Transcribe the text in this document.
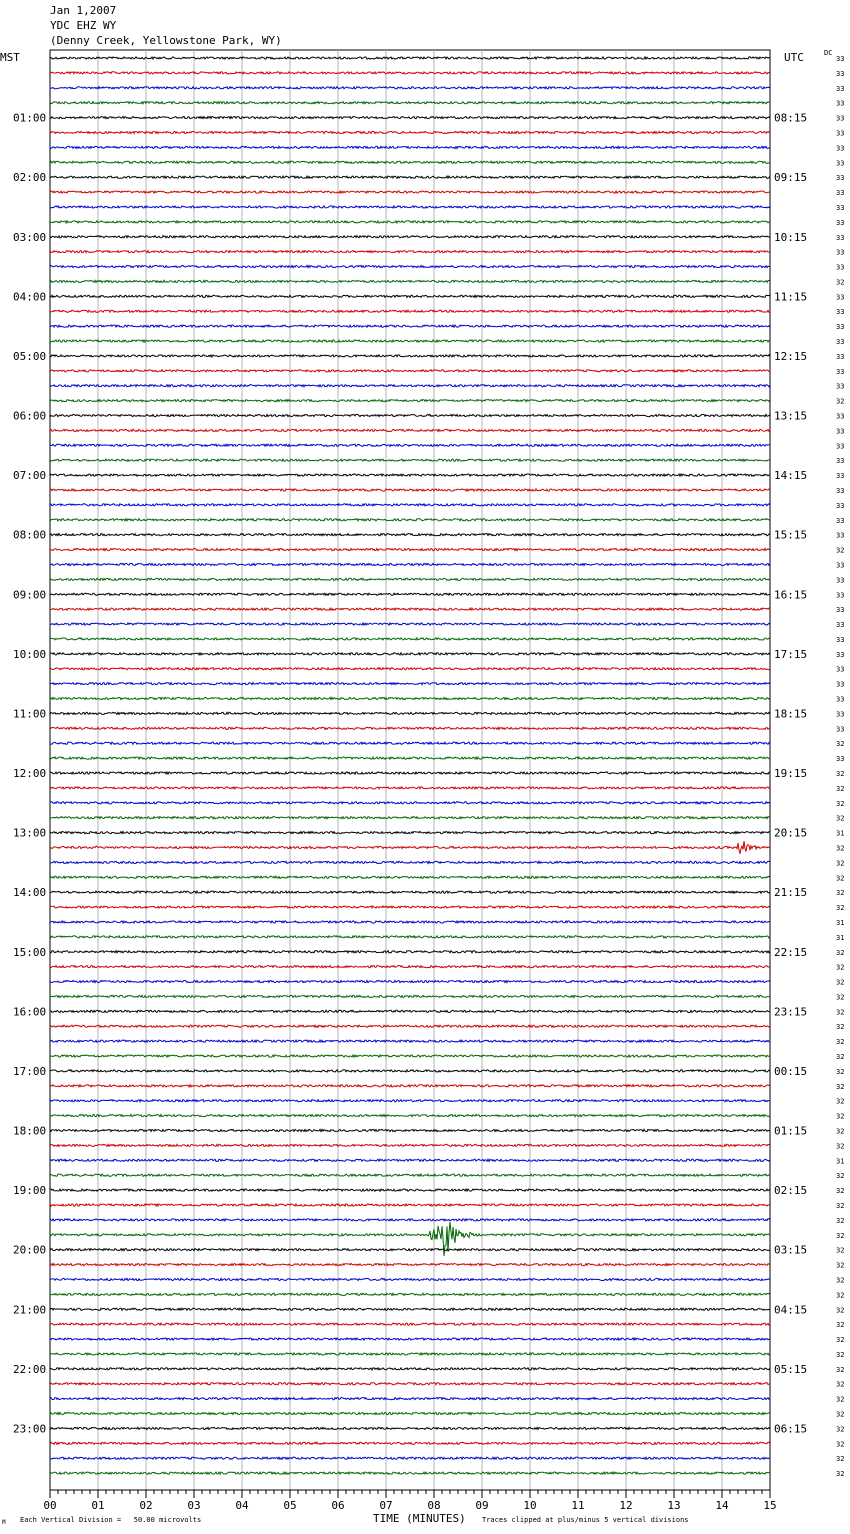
Jan 1,2007
YDC EHZ WY
(Denny Creek, Yellowstone Park, WY)
00	01	02	03	04	05	06	07	08	09	10	11	12	13	14	15
01:00
02:00
03:00
04:00
05:00
06:00
07:00
08:00
09:00
10:00
11:00
12:00
13:00
14:00
15:00
16:00
17:00
18:00
19:00
20:00
21:00
22:00
23:00
08:15
09:15
10:15
11:15
12:15
13:15
14:15
15:15
16:15
17:15
18:15
19:15
20:15
21:15
22:15
23:15
00:15
01:15
02:15
03:15
04:15
05:15
06:15
33
33
33
33
33
33
33
33
33
33
33
33
33
33
33
32
33
33
33
33
33
33
33
32
33
33
33
33
33
33
33
33
33
32
33
33
33
33
33
33
33
33
33
33
33
33
32
33
32
32
32
32
31
32
32
32
32
32
31
31
32
32
32
32
32
32
32
32
32
32
32
32
32
32
31
32
32
32
32
32
32
32
32
32
32
32
32
32
32
32
32
32
32
32
32
32
MST	UTC	DC
M Each Vertical Division =   50.00 microvolts	TIME (MINUTES) Traces clipped at plus/minus 5 vertical divisions
